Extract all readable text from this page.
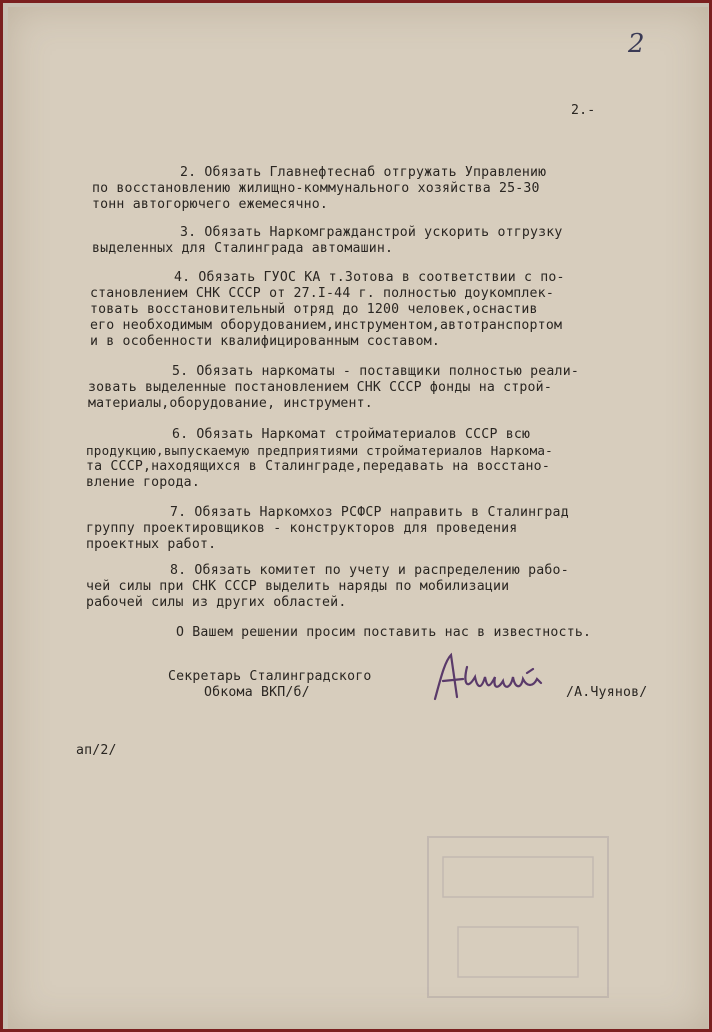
2
2.-
2. Обязать Главнефтеснаб отгружать Управлению
по восстановлению жилищно-коммунального хозяйства 25-30
тонн автогорючего ежемесячно.
3. Обязать Наркомгражданстрой ускорить отгрузку
выделенных для Сталинграда автомашин.
4. Обязать ГУОС КА т.Зотова в соответствии с по-
становлением СНК СССР от 27.I-44 г. полностью доукомплек-
товать восстановительный отряд до 1200 человек,оснастив
его необходимым оборудованием,инструментом,автотранспортом
и в особенности квалифицированным составом.
5. Обязать наркоматы - поставщики полностью реали-
зовать выделенные постановлением СНК СССР фонды на строй-
материалы,оборудование, инструмент.
6. Обязать Наркомат стройматериалов СССР всю
продукцию,выпускаемую предприятиями стройматериалов Наркома-
та СССР,находящихся в Сталинграде,передавать на восстано-
вление города.
7. Обязать Наркомхоз РСФСР направить в Сталинград
группу проектировщиков - конструкторов для проведения
проектных работ.
8. Обязать комитет по учету и распределению рабо-
чей силы при СНК СССР выделить наряды по мобилизации
рабочей силы из других областей.
О Вашем решении просим поставить нас в известность.
Секретарь Сталинградского
Обкома ВКП/б/	/А.Чуянов/
ап/2/
